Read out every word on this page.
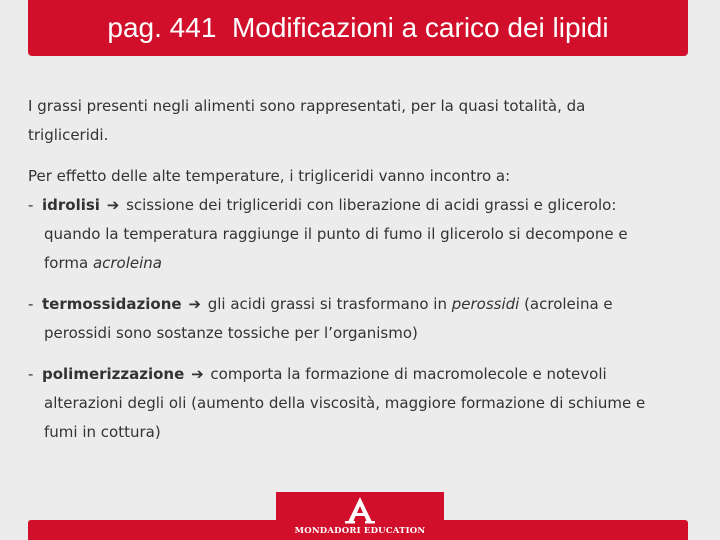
pag. 441  Modificazioni a carico dei lipidi
I grassi presenti negli alimenti sono rappresentati, per la quasi totalità, da
trigliceridi.
Per effetto delle alte temperature, i trigliceridi vanno incontro a:
- idrolisi ➔ scissione dei trigliceridi con liberazione di acidi grassi e glicerolo:
quando la temperatura raggiunge il punto di fumo il glicerolo si decompone e
forma acroleina
- termossidazione ➔ gli acidi grassi si trasformano in perossidi (acroleina e
perossidi sono sostanze tossiche per l’organismo)
- polimerizzazione ➔ comporta la formazione di macromolecole e notevoli
alterazioni degli oli (aumento della viscosità, maggiore formazione di schiume e
fumi in cottura)
MONDADORI EDUCATION
